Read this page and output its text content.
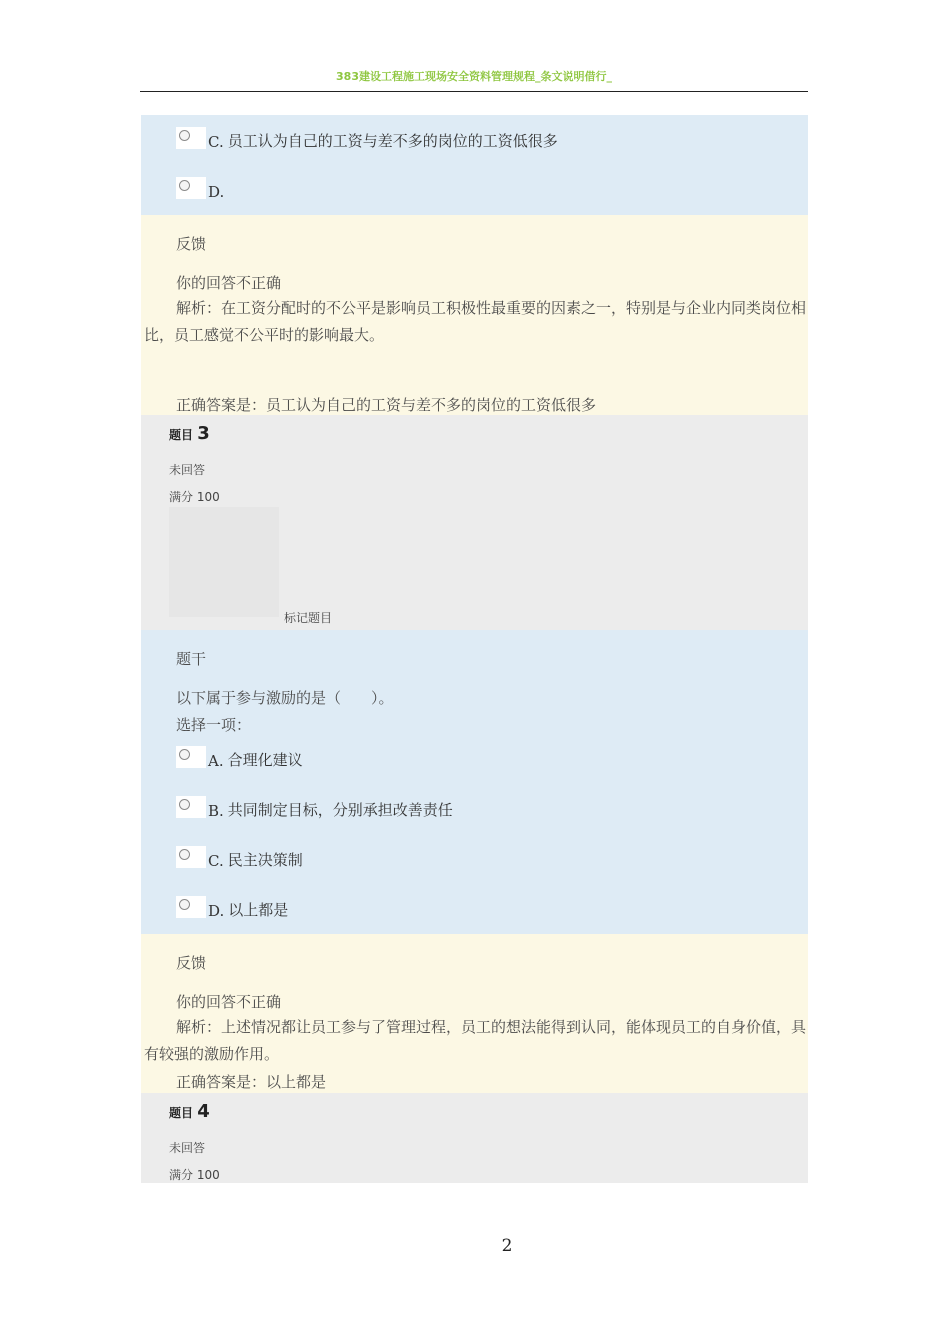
383建设工程施工现场安全资料管理规程_条文说明借行_
C. 员工认为自己的工资与差不多的岗位的工资低很多
D.
反馈
你的回答不正确
解析：在工资分配时的不公平是影响员工积极性最重要的因素之一，特别是与企业内同类岗位相比，员工感觉不公平时的影响最大。
正确答案是：员工认为自己的工资与差不多的岗位的工资低很多
题目 3
未回答
满分 100
标记题目
题干
以下属于参与激励的是（　　）。
选择一项：
A. 合理化建议
B. 共同制定目标，分别承担改善责任
C. 民主决策制
D. 以上都是
反馈
你的回答不正确
解析：上述情况都让员工参与了管理过程，员工的想法能得到认同，能体现员工的自身价值，具有较强的激励作用。
正确答案是：以上都是
题目 4
未回答
满分 100
2
